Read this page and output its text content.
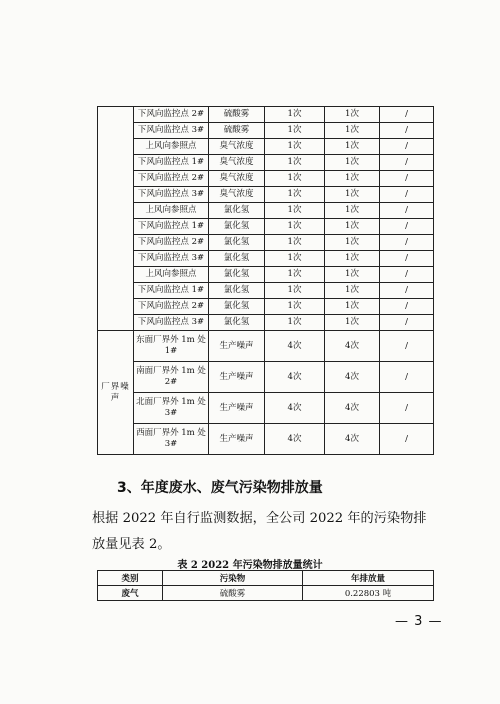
	下风向监控点 2#	硫酸雾	1次	1次	/
	下风向监控点 3#	硫酸雾	1次	1次	/
	上风向参照点	臭气浓度	1次	1次	/
	下风向监控点 1#	臭气浓度	1次	1次	/
	下风向监控点 2#	臭气浓度	1次	1次	/
	下风向监控点 3#	臭气浓度	1次	1次	/
	上风向参照点	氯化氢	1次	1次	/
	下风向监控点 1#	氯化氢	1次	1次	/
	下风向监控点 2#	氯化氢	1次	1次	/
	下风向监控点 3#	氯化氢	1次	1次	/
	上风向参照点	氯化氢	1次	1次	/
	下风向监控点 1#	氯化氢	1次	1次	/
	下风向监控点 2#	氯化氢	1次	1次	/
	下风向监控点 3#	氯化氢	1次	1次	/
厂界噪声	东面厂界外 1m 处 1#	生产噪声	4次	4次	/
	南面厂界外 1m 处 2#	生产噪声	4次	4次	/
	北面厂界外 1m 处 3#	生产噪声	4次	4次	/
	西面厂界外 1m 处 3#	生产噪声	4次	4次	/
3、年度废水、废气污染物排放量

根据 2022 年自行监测数据，全公司 2022 年的污染物排放量见表 2。

表 2 2022 年污染物排放量统计
类别	污染物	年排放量
废气	硫酸雾	0.22803 吨
— 3 —
